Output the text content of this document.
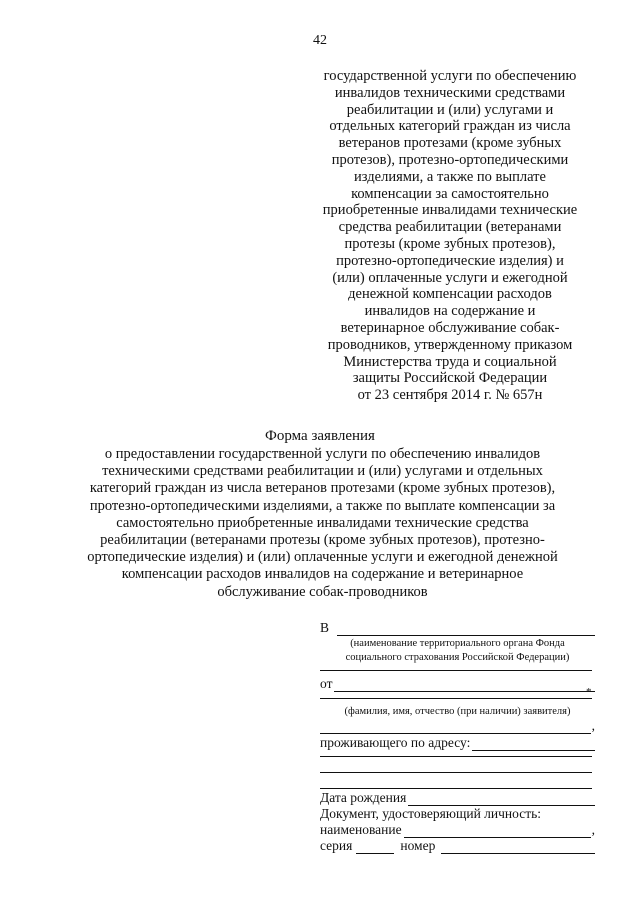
42
государственной услуги по обеспечению
инвалидов техническими средствами
реабилитации и (или) услугами и
отдельных категорий граждан из числа
ветеранов протезами (кроме зубных
протезов), протезно-ортопедическими
изделиями, а также по выплате
компенсации за самостоятельно
приобретенные инвалидами технические
средства реабилитации (ветеранами
протезы (кроме зубных протезов),
протезно-ортопедические изделия) и
(или) оплаченные услуги и ежегодной
денежной компенсации расходов
инвалидов на содержание и
ветеринарное обслуживание собак-
проводников, утвержденному приказом
Министерства труда и социальной
защиты Российской Федерации
от 23 сентября 2014 г. № 657н
Форма заявления
о предоставлении государственной услуги по обеспечению инвалидов
техническими средствами реабилитации и (или) услугами и отдельных
категорий граждан из числа ветеранов протезами (кроме зубных протезов),
протезно-ортопедическими изделиями, а также по выплате компенсации за
самостоятельно приобретенные инвалидами технические средства
реабилитации (ветеранами протезы (кроме зубных протезов), протезно-
ортопедические изделия) и (или) оплаченные услуги и ежегодной денежной
компенсации расходов инвалидов на содержание и ветеринарное
обслуживание собак-проводников
В
(наименование территориального органа Фонда
социального страхования Российской Федерации)
от
*
(фамилия, имя, отчество (при наличии) заявителя)
,
проживающего по адресу:
Дата рождения
Документ, удостоверяющий личность:
наименование	,
серия	номер
